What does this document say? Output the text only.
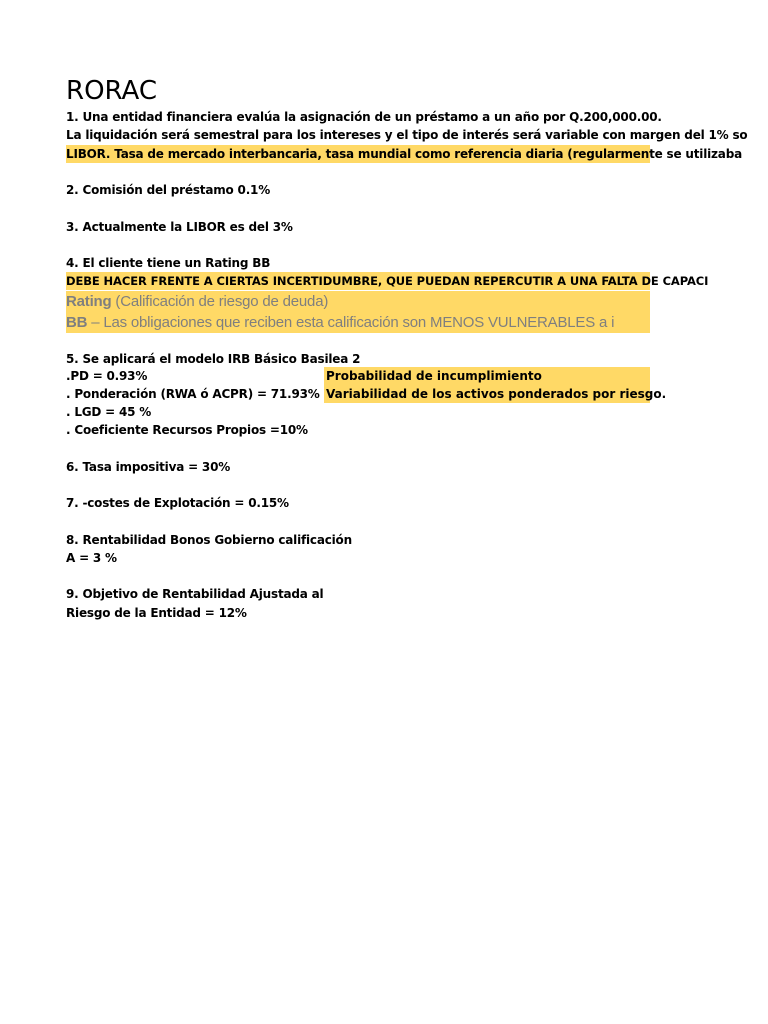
RORAC
1. Una entidad financiera evalúa la asignación de un préstamo a un año por Q.200,000.00.
La liquidación será semestral para los intereses y el tipo de interés será variable con margen del 1% so
LIBOR. Tasa de mercado interbancaria, tasa mundial como referencia diaria (regularmente se utilizaba
2. Comisión del préstamo 0.1%
3. Actualmente la LIBOR es del 3%
4. El cliente tiene un Rating BB
DEBE HACER FRENTE A CIERTAS INCERTIDUMBRE, QUE PUEDAN REPERCUTIR A UNA FALTA DE CAPACI
Rating (Calificación de riesgo de deuda)
BB – Las obligaciones que reciben esta calificación son MENOS VULNERABLES a i
5. Se aplicará el modelo IRB Básico Basilea 2
.PD = 0.93%	Probabilidad de incumplimiento
. Ponderación (RWA ó ACPR) = 71.93% Variabilidad de los activos ponderados por riesgo.
. LGD = 45 %
. Coeficiente Recursos Propios =10%
6. Tasa impositiva = 30%
7. -costes de Explotación = 0.15%
8. Rentabilidad Bonos Gobierno calificación
A = 3 %
9. Objetivo de Rentabilidad Ajustada al
Riesgo de la Entidad = 12%
